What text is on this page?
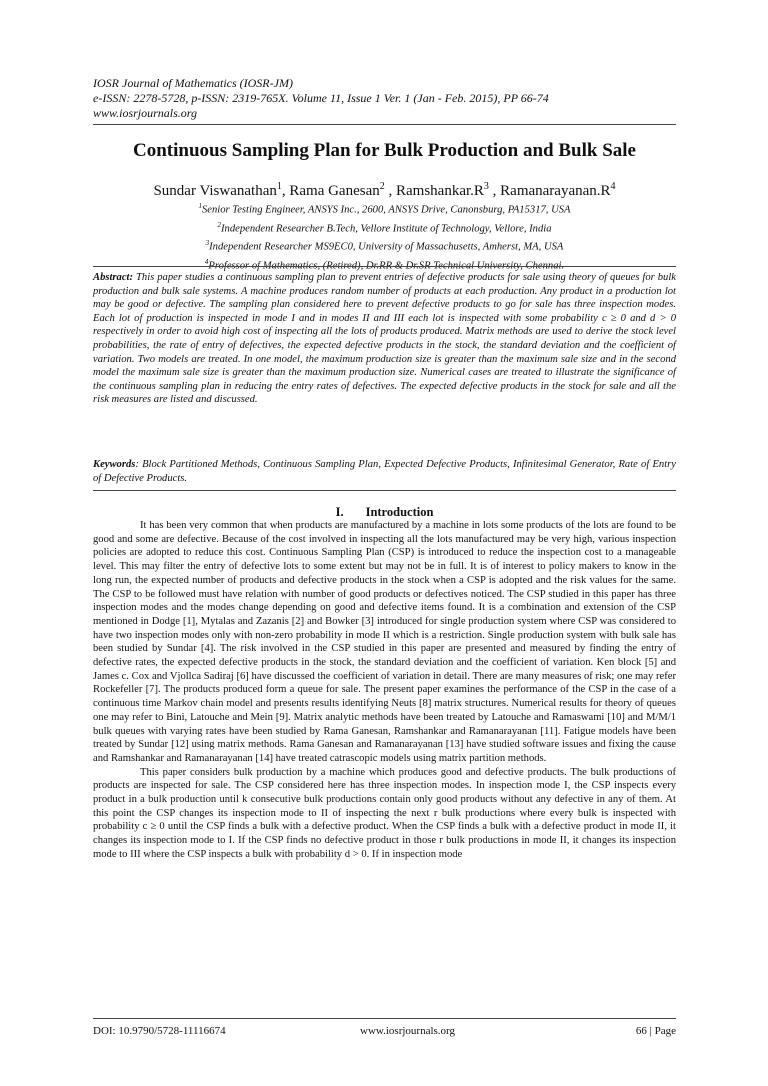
IOSR Journal of Mathematics (IOSR-JM)
e-ISSN: 2278-5728, p-ISSN: 2319-765X. Volume 11, Issue 1 Ver. 1 (Jan - Feb. 2015), PP 66-74
www.iosrjournals.org
Continuous Sampling Plan for Bulk Production and Bulk Sale
Sundar Viswanathan$^1$, Rama Ganesan$^2$ , $Ramshankar.R^3$ , $Ramanarayanan.R^4$
$^1$Senior Testing Engineer, ANSYS Inc., 2600, ANSYS Drive, Canonsburg, PA15317, USA
$^2$Independent Researcher B.Tech, Vellore Institute of Technology, Vellore, India
$^3$Independent Researcher MS9EC0, University of Massachusetts, Amherst, MA, USA
$^4$Professor of Mathematics, (Retired), Dr.RR & Dr.SR Technical University, Chennai.
Abstract: This paper studies a continuous sampling plan to prevent entries of defective products for sale using theory of queues for bulk production and bulk sale systems. A machine produces random number of products at each production. Any product in a production lot may be good or defective. The sampling plan considered here to prevent defective products to go for sale has three inspection modes. Each lot of production is inspected in mode I and in modes II and III each lot is inspected with some probability c ≥ 0 and d > 0 respectively in order to avoid high cost of inspecting all the lots of products produced. Matrix methods are used to derive the stock level probabilities, the rate of entry of defectives, the expected defective products in the stock, the standard deviation and the coefficient of variation. Two models are treated. In one model, the maximum production size is greater than the maximum sale size and in the second model the maximum sale size is greater than the maximum production size. Numerical cases are treated to illustrate the significance of the continuous sampling plan in reducing the entry rates of defectives. The expected defective products in the stock for sale and all the risk measures are listed and discussed.
Keywords: Block Partitioned Methods, Continuous Sampling Plan, Expected Defective Products, Infinitesimal Generator, Rate of Entry of Defective Products.
I. Introduction

It has been very common that when products are manufactured by a machine in lots some products of the lots are found to be good and some are defective. Because of the cost involved in inspecting all the lots manufactured may be very high, various inspection policies are adopted to reduce this cost. Continuous Sampling Plan (CSP) is introduced to reduce the inspection cost to a manageable level. This may filter the entry of defective lots to some extent but may not be in full. It is of interest to policy makers to know in the long run, the expected number of products and defective products in the stock when a CSP is adopted and the risk values for the same. The CSP to be followed must have relation with number of good products or defectives noticed. The CSP studied in this paper has three inspection modes and the modes change depending on good and defective items found. It is a combination and extension of the CSP mentioned in Dodge [1], Mytalas and Zazanis [2] and Bowker [3] introduced for single production system where CSP was considered to have two inspection modes only with non-zero probability in mode II which is a restriction. Single production system with bulk sale has been studied by Sundar [4]. The risk involved in the CSP studied in this paper are presented and measured by finding the entry of defective rates, the expected defective products in the stock, the standard deviation and the coefficient of variation. Ken block [5] and James c. Cox and Vjollca Sadiraj [6] have discussed the coefficient of variation in detail. There are many measures of risk; one may refer Rockefeller [7]. The products produced form a queue for sale. The present paper examines the performance of the CSP in the case of a continuous time Markov chain model and presents results identifying Neuts [8] matrix structures. Numerical results for theory of queues one may refer to Bini, Latouche and Mein [9]. Matrix analytic methods have been treated by Latouche and Ramaswami [10] and M/M/1 bulk queues with varying rates have been studied by Rama Ganesan, Ramshankar and Ramanarayanan [11]. Fatigue models have been treated by Sundar [12] using matrix methods. Rama Ganesan and Ramanarayanan [13] have studied software issues and fixing the cause and Ramshankar and Ramanarayanan [14] have treated catrascopic models using matrix partition methods.

This paper considers bulk production by a machine which produces good and defective products. The bulk productions of products are inspected for sale. The CSP considered here has three inspection modes. In inspection mode I, the CSP inspects every product in a bulk production until k consecutive bulk productions contain only good products without any defective in any of them. At this point the CSP changes its inspection mode to II of inspecting the next r bulk productions where every bulk is inspected with probability c ≥ 0 until the CSP finds a bulk with a defective product. When the CSP finds a bulk with a defective product in mode II, it changes its inspection mode to I. If the CSP finds no defective product in those r bulk productions in mode II, it changes its inspection mode to III where the CSP inspects a bulk with probability d > 0. If in inspection mode

DOI: 10.9790/5728-11116674	www.iosrjournals.org	66 | Page
